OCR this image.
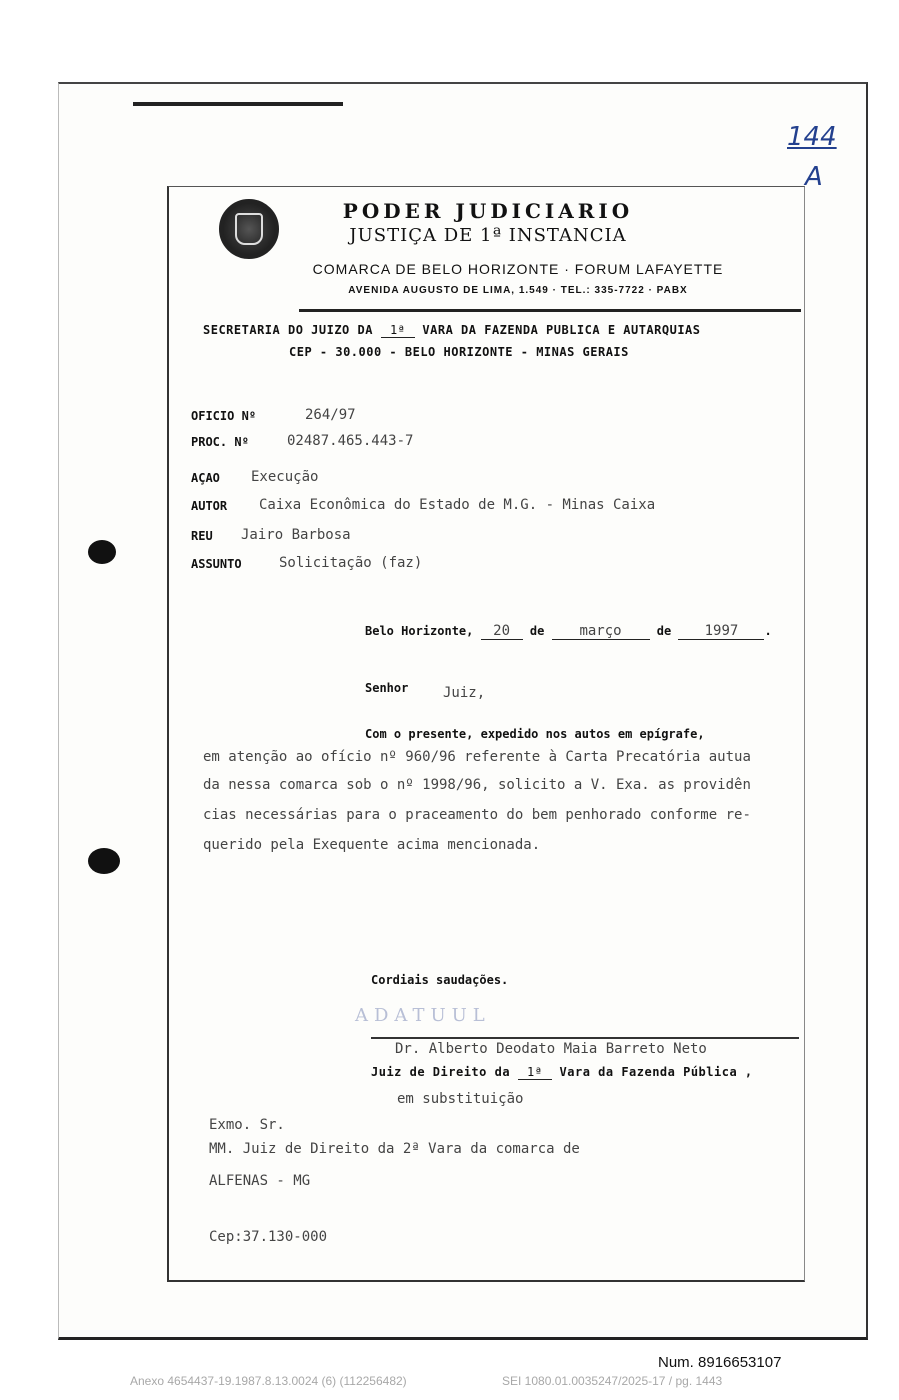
144
A
PODER JUDICIARIO
JUSTIÇA DE 1ª INSTANCIA
COMARCA DE BELO HORIZONTE · FORUM LAFAYETTE
AVENIDA AUGUSTO DE LIMA, 1.549 · TEL.: 335-7722 · PABX
SECRETARIA DO JUIZO DA 1ª VARA DA FAZENDA PUBLICA E AUTARQUIAS
CEP - 30.000 - BELO HORIZONTE - MINAS GERAIS
OFICIO Nº	264/97
PROC. Nº	02487.465.443-7
AÇAO Execução
AUTOR Caixa Econômica do Estado de M.G. - Minas Caixa
REU Jairo Barbosa
ASSUNTO	Solicitação (faz)
Belo Horizonte, 20 de	março	de 1997 .
Senhor Juiz,
Com o presente, expedido nos autos em epígrafe,
em atenção ao ofício nº 960/96 referente à Carta Precatória autua
da nessa comarca sob o nº 1998/96, solicito a V. Exa. as providên
cias necessárias para o praceamento do bem penhorado conforme re-
querido pela Exequente acima mencionada.
Cordiais saudações.
ADATUUL
Dr. Alberto Deodato Maia Barreto Neto
Juiz de Direito da 1ª Vara da Fazenda Pública ,
em substituição
Exmo. Sr.
MM. Juiz de Direito da 2ª Vara da comarca de
ALFENAS - MG
Cep:37.130-000
Num. 8916653107
Anexo 4654437-19.1987.8.13.0024 (6) (112256482)	SEI 1080.01.0035247/2025-17 / pg. 1443
